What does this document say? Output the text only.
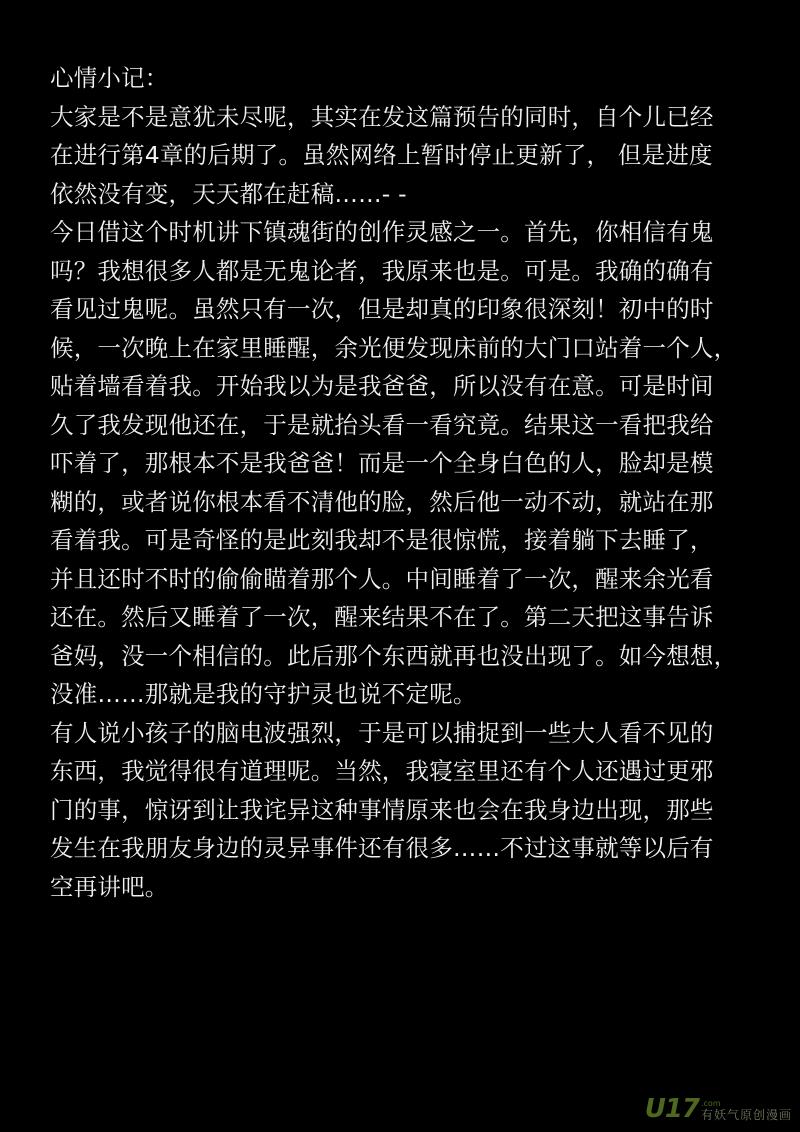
心情小记：
大家是不是意犹未尽呢，其实在发这篇预告的同时，自个儿已经
在进行第4章的后期了。虽然网络上暂时停止更新了， 但是进度
依然没有变，天天都在赶稿……- -
今日借这个时机讲下镇魂街的创作灵感之一。首先，你相信有鬼
吗？我想很多人都是无鬼论者，我原来也是。可是。我确的确有
看见过鬼呢。虽然只有一次，但是却真的印象很深刻！初中的时
候，一次晚上在家里睡醒，余光便发现床前的大门口站着一个人，
贴着墙看着我。开始我以为是我爸爸，所以没有在意。可是时间
久了我发现他还在，于是就抬头看一看究竟。结果这一看把我给
吓着了，那根本不是我爸爸！而是一个全身白色的人，脸却是模
糊的，或者说你根本看不清他的脸，然后他一动不动，就站在那
看着我。可是奇怪的是此刻我却不是很惊慌，接着躺下去睡了，
并且还时不时的偷偷瞄着那个人。中间睡着了一次，醒来余光看
还在。然后又睡着了一次，醒来结果不在了。第二天把这事告诉
爸妈，没一个相信的。此后那个东西就再也没出现了。如今想想，
没准……那就是我的守护灵也说不定呢。
有人说小孩子的脑电波强烈，于是可以捕捉到一些大人看不见的
东西，我觉得很有道理呢。当然，我寝室里还有个人还遇过更邪
门的事，惊讶到让我诧异这种事情原来也会在我身边出现，那些
发生在我朋友身边的灵异事件还有很多……不过这事就等以后有
空再讲吧。
U17 .com
有妖气原创漫画
